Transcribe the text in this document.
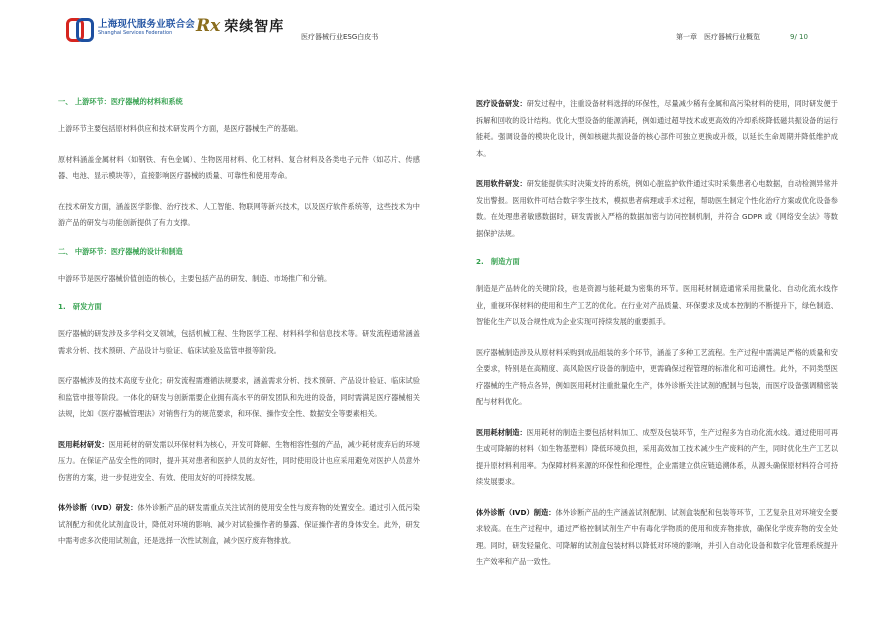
上海现代服务业联合会
Shanghai Services Federation	Rx 荣续智库
医疗器械行业ESG白皮书	第一章　医疗器械行业概览	9/ 10
一、 上游环节：医疗器械的材料和系统
上游环节主要包括原材料供应和技术研发两个方面，是医疗器械生产的基础。
原材料涵盖金属材料（如钢铁、有色金属）、生物医用材料、化工材料、复合材料及各类电子元件（如芯片、传感器、电池、显示模块等），直接影响医疗器械的质量、可靠性和使用寿命。
在技术研发方面，涵盖医学影像、治疗技术、人工智能、物联网等新兴技术，以及医疗软件系统等，这些技术为中游产品的研发与功能创新提供了有力支撑。
二、 中游环节：医疗器械的设计和制造
中游环节是医疗器械价值创造的核心，主要包括产品的研发、制造、市场推广和分销。
1.　研发方面
医疗器械的研发涉及多学科交叉领域，包括机械工程、生物医学工程、材料科学和信息技术等。研发流程通常涵盖需求分析、技术预研、产品设计与验证、临床试验及监管申报等阶段。
医疗器械涉及的技术高度专业化；研发流程需遵循法规要求，涵盖需求分析、技术预研、产品设计验证、临床试验和监管申报等阶段。一体化的研发与创新需要企业拥有高水平的研发团队和先进的设备，同时需满足医疗器械相关法规，比如《医疗器械管理法》对销售行为的规范要求，和环保、操作安全性、数据安全等要素相关。
医用耗材研发：医用耗材的研发需以环保材料为核心，开发可降解、生物相容性强的产品，减少耗材废弃后的环境压力。在保证产品安全性的同时，提升其对患者和医护人员的友好性，同时使用设计也应采用避免对医护人员意外伤害的方案，进一步促进安全、有效、使用友好的可持续发展。
体外诊断（IVD）研发：体外诊断产品的研发需重点关注试剂的使用安全性与废弃物的处置安全。通过引入低污染试剂配方和优化试剂盒设计，降低对环境的影响、减少对试验操作者的暴露、保证操作者的身体安全。此外，研发中需考虑多次使用试剂盒，还是选择一次性试剂盒，减少医疗废弃物排放。
医疗设备研发：研发过程中，注重设备材料选择的环保性，尽量减少稀有金属和高污染材料的使用，同时研发便于拆解和回收的设计结构。优化大型设备的能源消耗，例如通过超导技术或更高效的冷却系统降低磁共振设备的运行能耗。强调设备的模块化设计，例如核磁共振设备的核心部件可独立更换或升级，以延长生命周期并降低维护成本。
医用软件研发：研发能提供实时决策支持的系统，例如心脏监护软件通过实时采集患者心电数据，自动检测异常并发出警报。医用软件可结合数字孪生技术，模拟患者病理或手术过程，帮助医生制定个性化治疗方案或优化设备参数。在处理患者敏感数据时，研发需嵌入严格的数据加密与访问控制机制，并符合 GDPR 或《网络安全法》等数据保护法规。
2.　制造方面
制造是产品转化的关键阶段，也是资源与能耗最为密集的环节。医用耗材制造通常采用批量化、自动化流水线作业，重视环保材料的使用和生产工艺的优化。在行业对产品质量、环保要求及成本控制的不断提升下，绿色制造、智能化生产以及合规性成为企业实现可持续发展的重要抓手。
医疗器械制造涉及从原材料采购到成品组装的多个环节，涵盖了多种工艺流程。生产过程中需满足严格的质量和安全要求，特别是在高精度、高风险医疗设备的制造中，更需确保过程管理的标准化和可追溯性。此外，不同类型医疗器械的生产特点各异，例如医用耗材注重批量化生产，体外诊断关注试剂的配制与包装，而医疗设备强调精密装配与材料优化。
医用耗材制造：医用耗材的制造主要包括材料加工、成型及包装环节，生产过程多为自动化流水线。通过使用可再生或可降解的材料（如生物基塑料）降低环境负担，采用高效加工技术减少生产废料的产生，同时优化生产工艺以提升原材料利用率。为保障材料来源的环保性和伦理性，企业需建立供应链追溯体系，从源头确保原材料符合可持续发展要求。
体外诊断（IVD）制造：体外诊断产品的生产涵盖试剂配制、试剂盒装配和包装等环节，工艺复杂且对环境安全要求较高。在生产过程中，通过严格控制试剂生产中有毒化学物质的使用和废弃物排放，确保化学废弃物的安全处理。同时，研发轻量化、可降解的试剂盒包装材料以降低对环境的影响，并引入自动化设备和数字化管理系统提升生产效率和产品一致性。
